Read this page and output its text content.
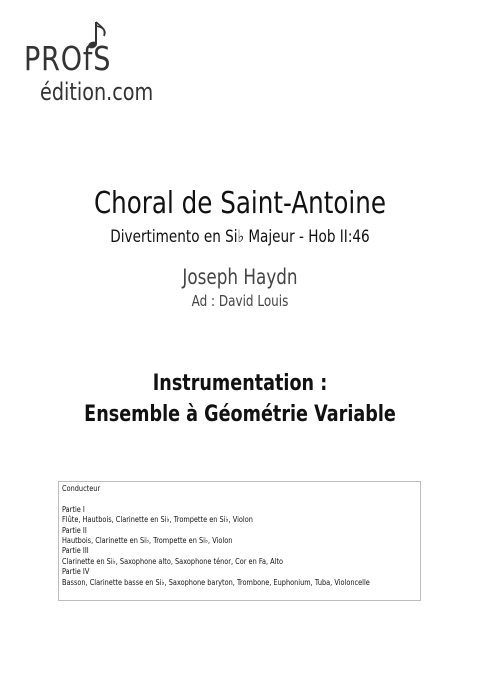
PROfS
édition.com
Choral de Saint-Antoine
Divertimento en Si♭ Majeur - Hob II:46
Joseph Haydn
Ad : David Louis
Instrumentation :
Ensemble à Géométrie Variable
Conducteur
Partie I
Flûte, Hautbois, Clarinette en Si♭, Trompette en Si♭, Violon
Partie II
Hautbois, Clarinette en Si♭, Trompette en Si♭, Violon
Partie III
Clarinette en Si♭, Saxophone alto, Saxophone ténor, Cor en Fa, Alto
Partie IV
Basson, Clarinette basse en Si♭, Saxophone baryton, Trombone, Euphonium, Tuba, Violoncelle
